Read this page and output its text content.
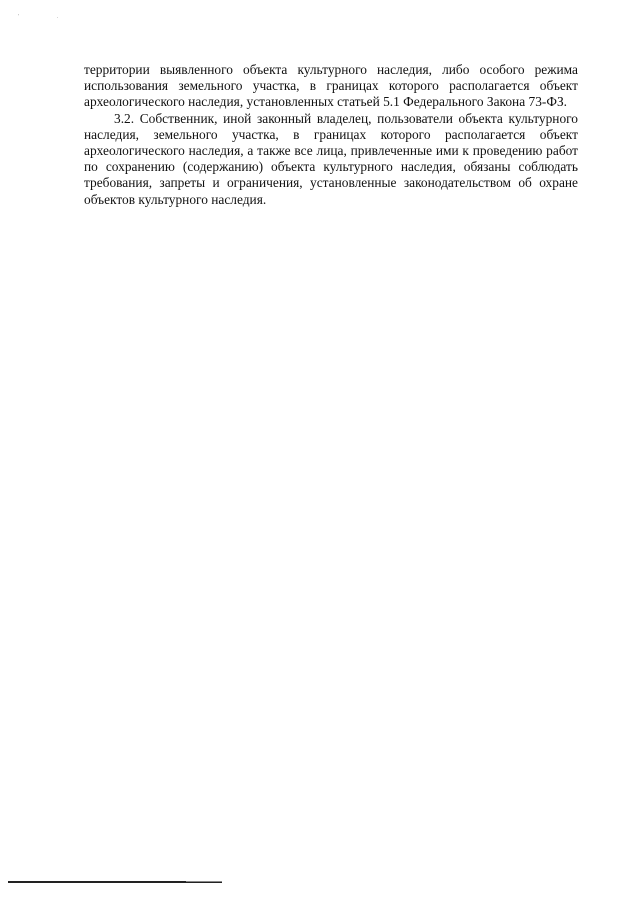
' .

территории выявленного объекта культурного наследия, либо особого режима использования земельного участка, в границах которого располагается объект археологического наследия, установленных статьей 5.1 Федерального Закона 73-ФЗ.

3.2. Собственник, иной законный владелец, пользователи объекта культурного наследия, земельного участка, в границах которого располагается объект археологического наследия, а также все лица, привлеченные ими к проведению работ по сохранению (содержанию) объекта культурного наследия, обязаны соблюдать требования, запреты и ограничения, установленные законодательством об охране объектов культурного наследия.
